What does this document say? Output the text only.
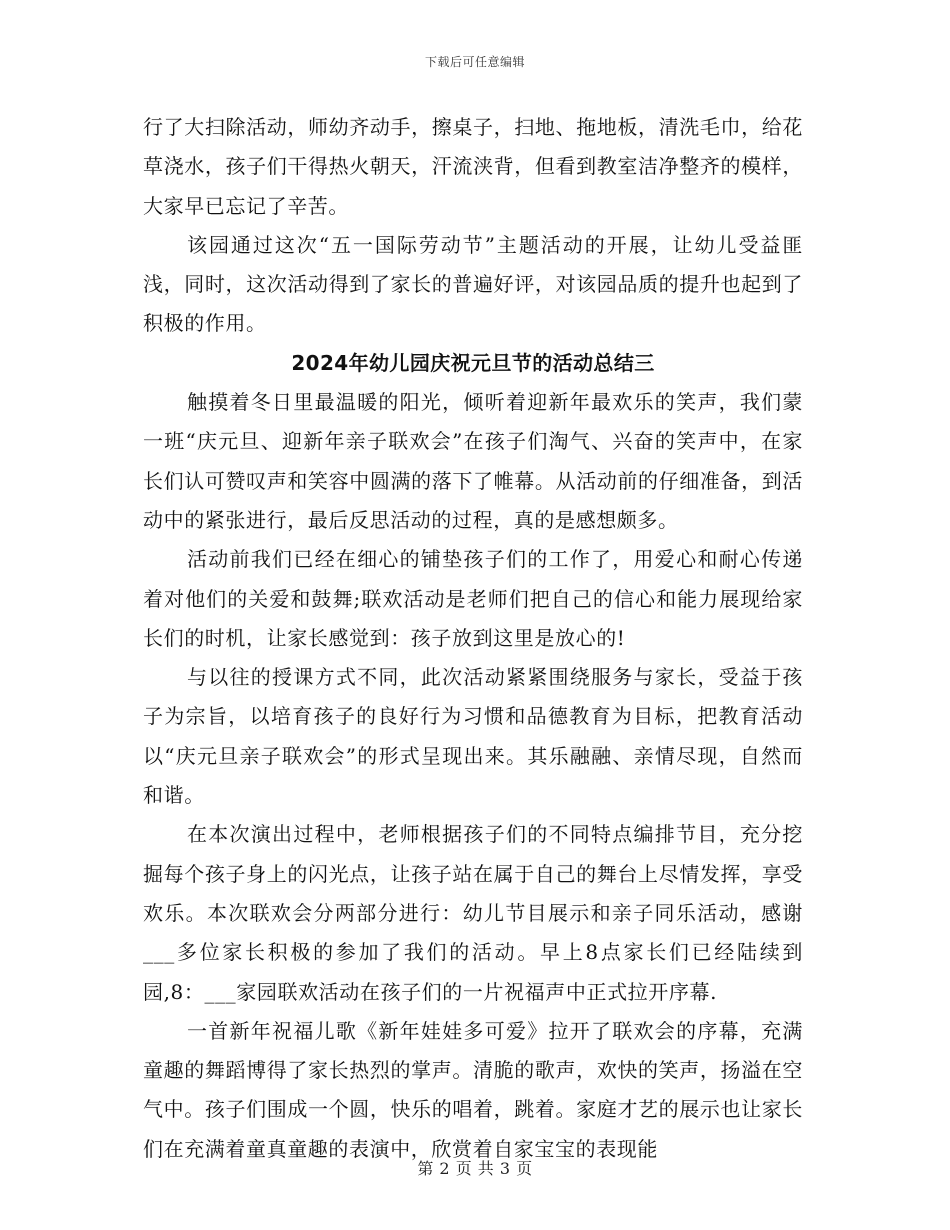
下载后可任意编辑

行了大扫除活动，师幼齐动手，擦桌子，扫地、拖地板，清洗毛巾，给花草浇水，孩子们干得热火朝天，汗流浃背，但看到教室洁净整齐的模样，大家早已忘记了辛苦。

该园通过这次“五一国际劳动节”主题活动的开展，让幼儿受益匪浅，同时，这次活动得到了家长的普遍好评，对该园品质的提升也起到了积极的作用。

2024年幼儿园庆祝元旦节的活动总结三

触摸着冬日里最温暖的阳光，倾听着迎新年最欢乐的笑声，我们蒙一班“庆元旦、迎新年亲子联欢会”在孩子们淘气、兴奋的笑声中，在家长们认可赞叹声和笑容中圆满的落下了帷幕。从活动前的仔细准备，到活动中的紧张进行，最后反思活动的过程，真的是感想颇多。

活动前我们已经在细心的铺垫孩子们的工作了，用爱心和耐心传递着对他们的关爱和鼓舞;联欢活动是老师们把自己的信心和能力展现给家长们的时机，让家长感觉到：孩子放到这里是放心的!

与以往的授课方式不同，此次活动紧紧围绕服务与家长，受益于孩子为宗旨，以培育孩子的良好行为习惯和品德教育为目标，把教育活动以“庆元旦亲子联欢会”的形式呈现出来。其乐融融、亲情尽现，自然而和谐。

在本次演出过程中，老师根据孩子们的不同特点编排节目，充分挖掘每个孩子身上的闪光点，让孩子站在属于自己的舞台上尽情发挥，享受欢乐。本次联欢会分两部分进行：幼儿节目展示和亲子同乐活动，感谢___多位家长积极的参加了我们的活动。早上8点家长们已经陆续到园,8：___家园联欢活动在孩子们的一片祝福声中正式拉开序幕.

一首新年祝福儿歌《新年娃娃多可爱》拉开了联欢会的序幕，充满童趣的舞蹈博得了家长热烈的掌声。清脆的歌声，欢快的笑声，扬溢在空气中。孩子们围成一个圆，快乐的唱着，跳着。家庭才艺的展示也让家长们在充满着童真童趣的表演中，欣赏着自家宝宝的表现能

第 2 页 共 3 页
